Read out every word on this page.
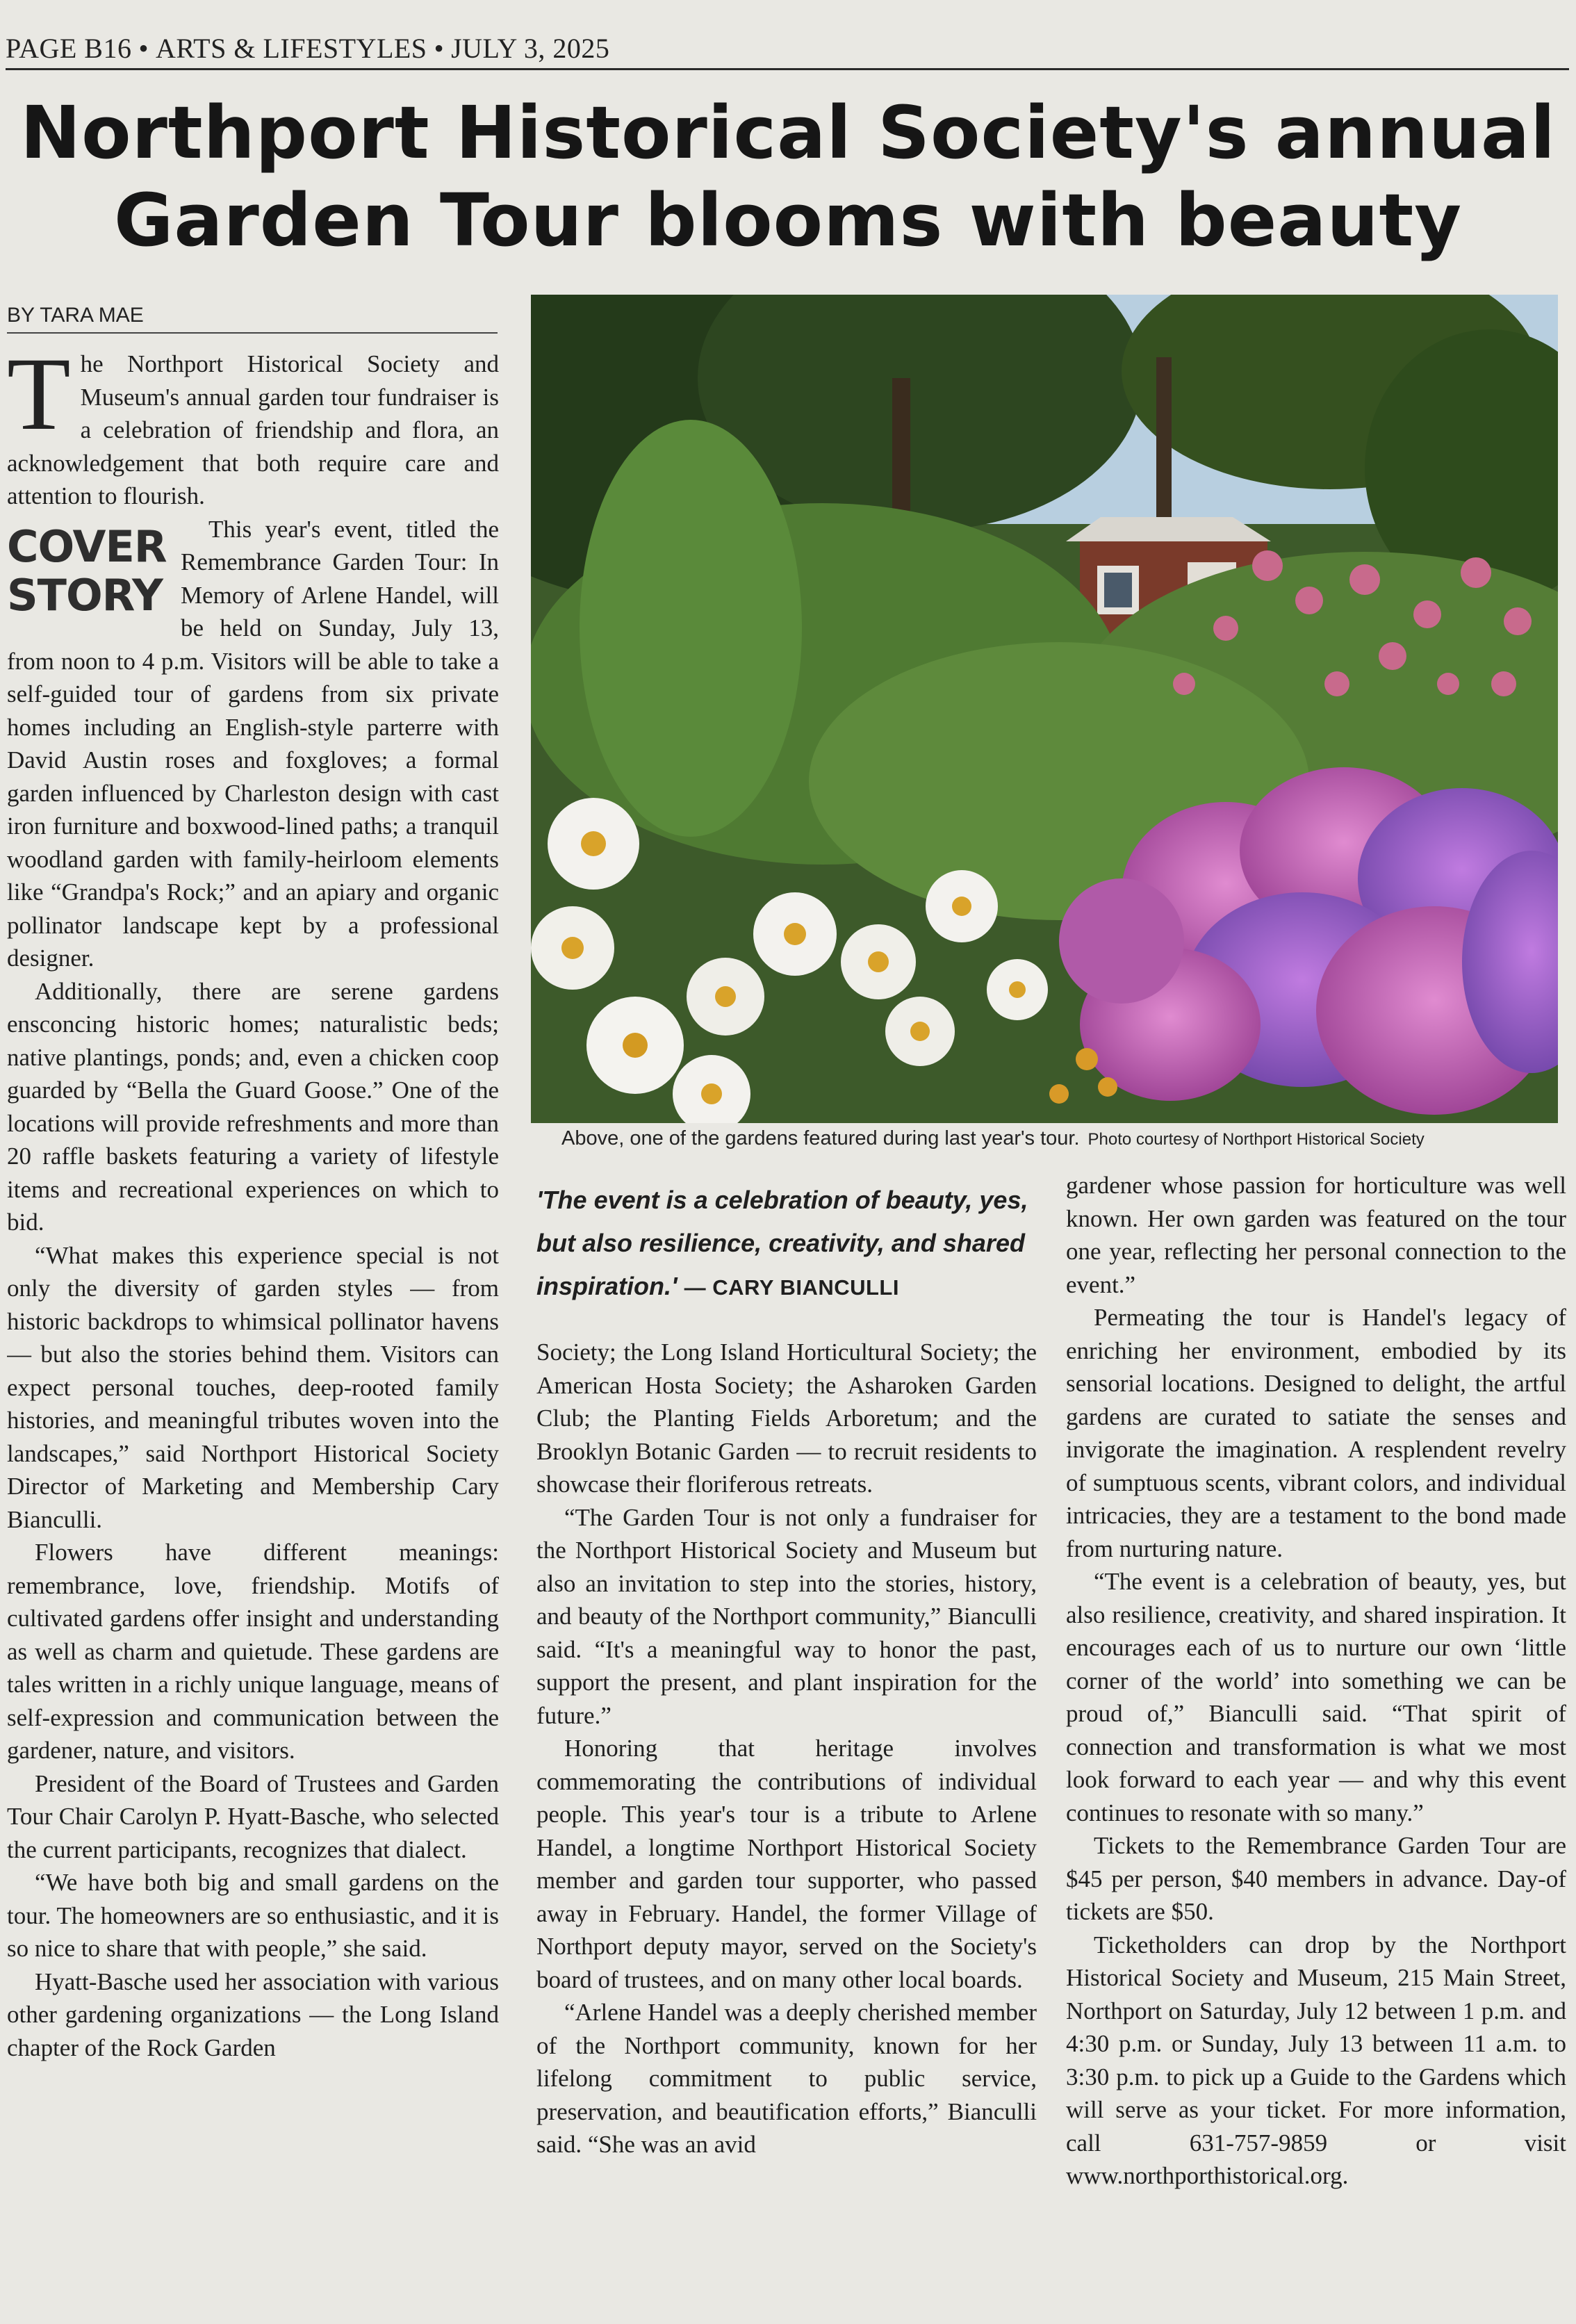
PAGE B16 • ARTS & LIFESTYLES • JULY 3, 2025
Northport Historical Society's annual
Garden Tour blooms with beauty
BY TARA MAE

The Northport Historical Society and Museum's annual garden tour fundraiser is a celebration of friendship and flora, an acknowledgement that both require care and attention to flourish.

COVER
STORY
This year's event, titled the Remembrance Garden Tour: In Memory of Arlene Handel, will be held on Sunday, July 13, from noon to 4 p.m. Visitors will be able to take a self-guided tour of gardens from six private homes including an English-style parterre with David Austin roses and foxgloves; a formal garden influenced by Charleston design with cast iron furniture and boxwood-lined paths; a tranquil woodland garden with family-heirloom elements like “Grandpa's Rock;” and an apiary and organic pollinator landscape kept by a professional designer.

Additionally, there are serene gardens ensconcing historic homes; naturalistic beds; native plantings, ponds; and, even a chicken coop guarded by “Bella the Guard Goose.” One of the locations will provide refreshments and more than 20 raffle baskets featuring a variety of lifestyle items and recreational experiences on which to bid.

“What makes this experience special is not only the diversity of garden styles — from historic backdrops to whimsical pollinator havens — but also the stories behind them. Visitors can expect personal touches, deep-rooted family histories, and meaningful tributes woven into the landscapes,” said Northport Historical Society Director of Marketing and Membership Cary Bianculli.

Flowers have different meanings: remembrance, love, friendship. Motifs of cultivated gardens offer insight and understanding as well as charm and quietude. These gardens are tales written in a richly unique language, means of self-expression and communication between the gardener, nature, and visitors.

President of the Board of Trustees and Garden Tour Chair Carolyn P. Hyatt-Basche, who selected the current participants, recognizes that dialect.

“We have both big and small gardens on the tour. The homeowners are so enthusiastic, and it is so nice to share that with people,” she said.

Hyatt-Basche used her association with various other gardening organizations — the Long Island chapter of the Rock Garden

Above, one of the gardens featured during last year's tour. Photo courtesy of Northport Historical Society
'The event is a celebration of beauty, yes, but also resilience, creativity, and shared inspiration.' — CARY BIANCULLI

Society; the Long Island Horticultural Society; the American Hosta Society; the Asharoken Garden Club; the Planting Fields Arboretum; and the Brooklyn Botanic Garden — to recruit residents to showcase their floriferous retreats.

“The Garden Tour is not only a fundraiser for the Northport Historical Society and Museum but also an invitation to step into the stories, history, and beauty of the Northport community,” Bianculli said. “It's a meaningful way to honor the past, support the present, and plant inspiration for the future.”

Honoring that heritage involves commemorating the contributions of individual people. This year's tour is a tribute to Arlene Handel, a longtime Northport Historical Society member and garden tour supporter, who passed away in February. Handel, the former Village of Northport deputy mayor, served on the Society's board of trustees, and on many other local boards.

“Arlene Handel was a deeply cherished member of the Northport community, known for her lifelong commitment to public service, preservation, and beautification efforts,” Bianculli said. “She was an avid

gardener whose passion for horticulture was well known. Her own garden was featured on the tour one year, reflecting her personal connection to the event.”

Permeating the tour is Handel's legacy of enriching her environment, embodied by its sensorial locations. Designed to delight, the artful gardens are curated to satiate the senses and invigorate the imagination. A resplendent revelry of sumptuous scents, vibrant colors, and individual intricacies, they are a testament to the bond made from nurturing nature.

“The event is a celebration of beauty, yes, but also resilience, creativity, and shared inspiration. It encourages each of us to nurture our own ‘little corner of the world’ into something we can be proud of,” Bianculli said. “That spirit of connection and transformation is what we most look forward to each year — and why this event continues to resonate with so many.”

Tickets to the Remembrance Garden Tour are $45 per person, $40 members in advance. Day-of tickets are $50.

Ticketholders can drop by the Northport Historical Society and Museum, 215 Main Street, Northport on Saturday, July 12 between 1 p.m. and 4:30 p.m. or Sunday, July 13 between 11 a.m. to 3:30 p.m. to pick up a Guide to the Gardens which will serve as your ticket. For more information, call 631-757-9859 or visit www.northporthistorical.org.
